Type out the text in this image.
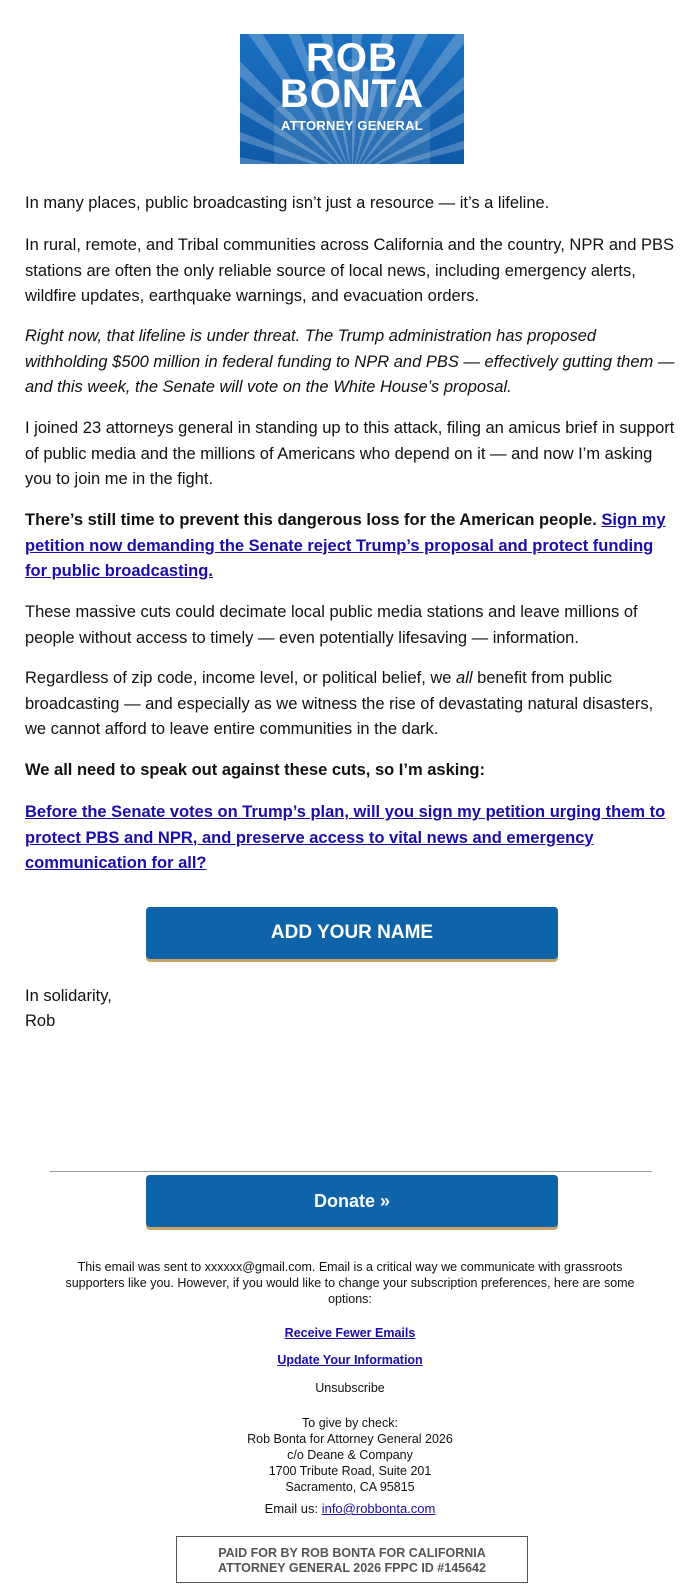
ROB
BONTA
ATTORNEY GENERAL

In many places, public broadcasting isn’t just a resource — it’s a lifeline.

In rural, remote, and Tribal communities across California and the country, NPR and PBS stations are often the only reliable source of local news, including emergency alerts, wildfire updates, earthquake warnings, and evacuation orders.

Right now, that lifeline is under threat. The Trump administration has proposed withholding $500 million in federal funding to NPR and PBS — effectively gutting them — and this week, the Senate will vote on the White House’s proposal.

I joined 23 attorneys general in standing up to this attack, filing an amicus brief in support of public media and the millions of Americans who depend on it — and now I’m asking you to join me in the fight.

There’s still time to prevent this dangerous loss for the American people. Sign my petition now demanding the Senate reject Trump’s proposal and protect funding for public broadcasting.

These massive cuts could decimate local public media stations and leave millions of people without access to timely — even potentially lifesaving — information.

Regardless of zip code, income level, or political belief, we all benefit from public broadcasting — and especially as we witness the rise of devastating natural disasters, we cannot afford to leave entire communities in the dark.

We all need to speak out against these cuts, so I’m asking:

Before the Senate votes on Trump’s plan, will you sign my petition urging them to protect PBS and NPR, and preserve access to vital news and emergency communication for all?

ADD YOUR NAME

In solidarity,

Rob

Donate »
This email was sent to xxxxxx@gmail.com. Email is a critical way we communicate with grassroots supporters like you. However, if you would like to change your subscription preferences, here are some options:
Receive Fewer Emails
Update Your Information
Unsubscribe
To give by check:
Rob Bonta for Attorney General 2026
c/o Deane & Company
1700 Tribute Road, Suite 201
Sacramento, CA 95815
Email us: info@robbonta.com
PAID FOR BY ROB BONTA FOR CALIFORNIA
ATTORNEY GENERAL 2026 FPPC ID #145642
